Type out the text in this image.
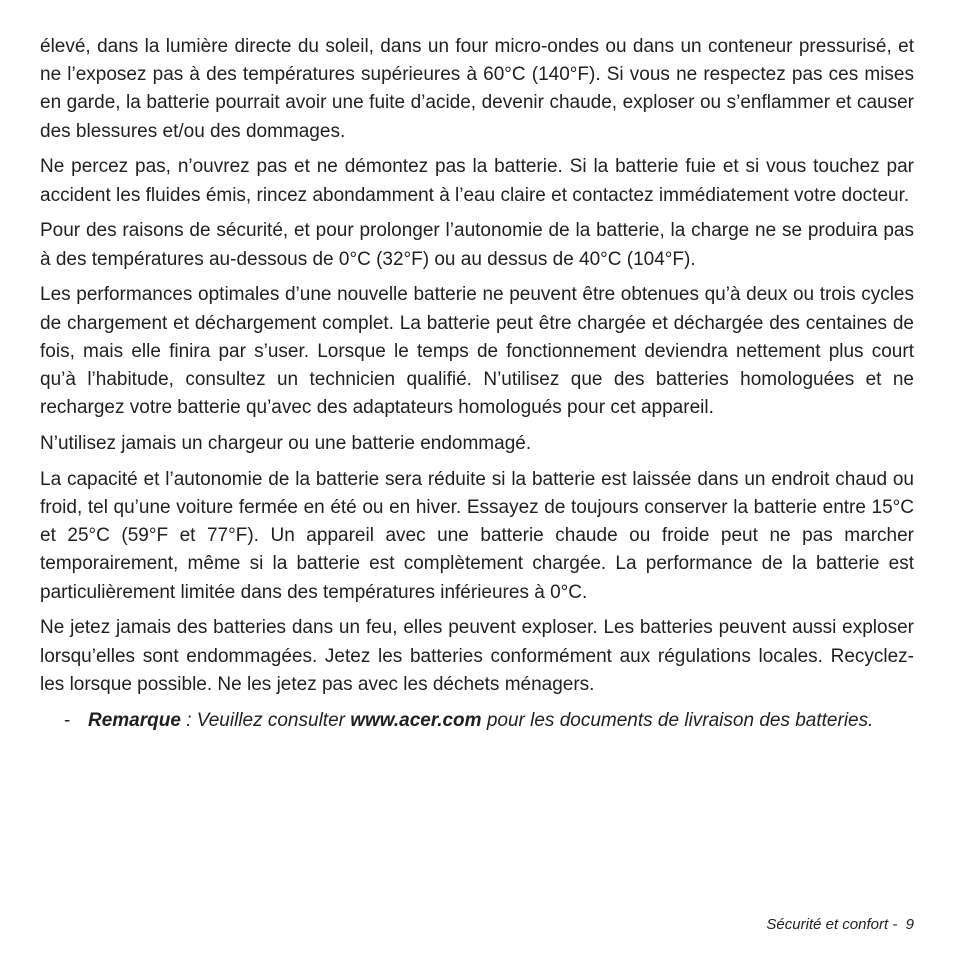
élevé, dans la lumière directe du soleil, dans un four micro-ondes ou dans un conteneur pressurisé, et ne l’exposez pas à des températures supérieures à 60°C (140°F). Si vous ne respectez pas ces mises en garde, la batterie pourrait avoir une fuite d’acide, devenir chaude, exploser ou s’enflammer et causer des blessures et/ou des dommages.

Ne percez pas, n’ouvrez pas et ne démontez pas la batterie. Si la batterie fuie et si vous touchez par accident les fluides émis, rincez abondamment à l’eau claire et contactez immédiatement votre docteur.

Pour des raisons de sécurité, et pour prolonger l’autonomie de la batterie, la charge ne se produira pas à des températures au-dessous de 0°C (32°F) ou au dessus de 40°C (104°F).

Les performances optimales d’une nouvelle batterie ne peuvent être obtenues qu’à deux ou trois cycles de chargement et déchargement complet. La batterie peut être chargée et déchargée des centaines de fois, mais elle finira par s’user. Lorsque le temps de fonctionnement deviendra nettement plus court qu’à l’habitude, consultez un technicien qualifié. N’utilisez que des batteries homologuées et ne rechargez votre batterie qu’avec des adaptateurs homologués pour cet appareil.

N’utilisez jamais un chargeur ou une batterie endommagé.

La capacité et l’autonomie de la batterie sera réduite si la batterie est laissée dans un endroit chaud ou froid, tel qu’une voiture fermée en été ou en hiver. Essayez de toujours conserver la batterie entre 15°C et 25°C (59°F et 77°F). Un appareil avec une batterie chaude ou froide peut ne pas marcher temporairement, même si la batterie est complètement chargée. La performance de la batterie est particulièrement limitée dans des températures inférieures à 0°C.

Ne jetez jamais des batteries dans un feu, elles peuvent exploser. Les batteries peuvent aussi exploser lorsqu’elles sont endommagées. Jetez les batteries conformément aux régulations locales. Recyclez-les lorsque possible. Ne les jetez pas avec les déchets ménagers.

- Remarque : Veuillez consulter www.acer.com pour les documents de livraison des batteries.
Sécurité et confort -  9
